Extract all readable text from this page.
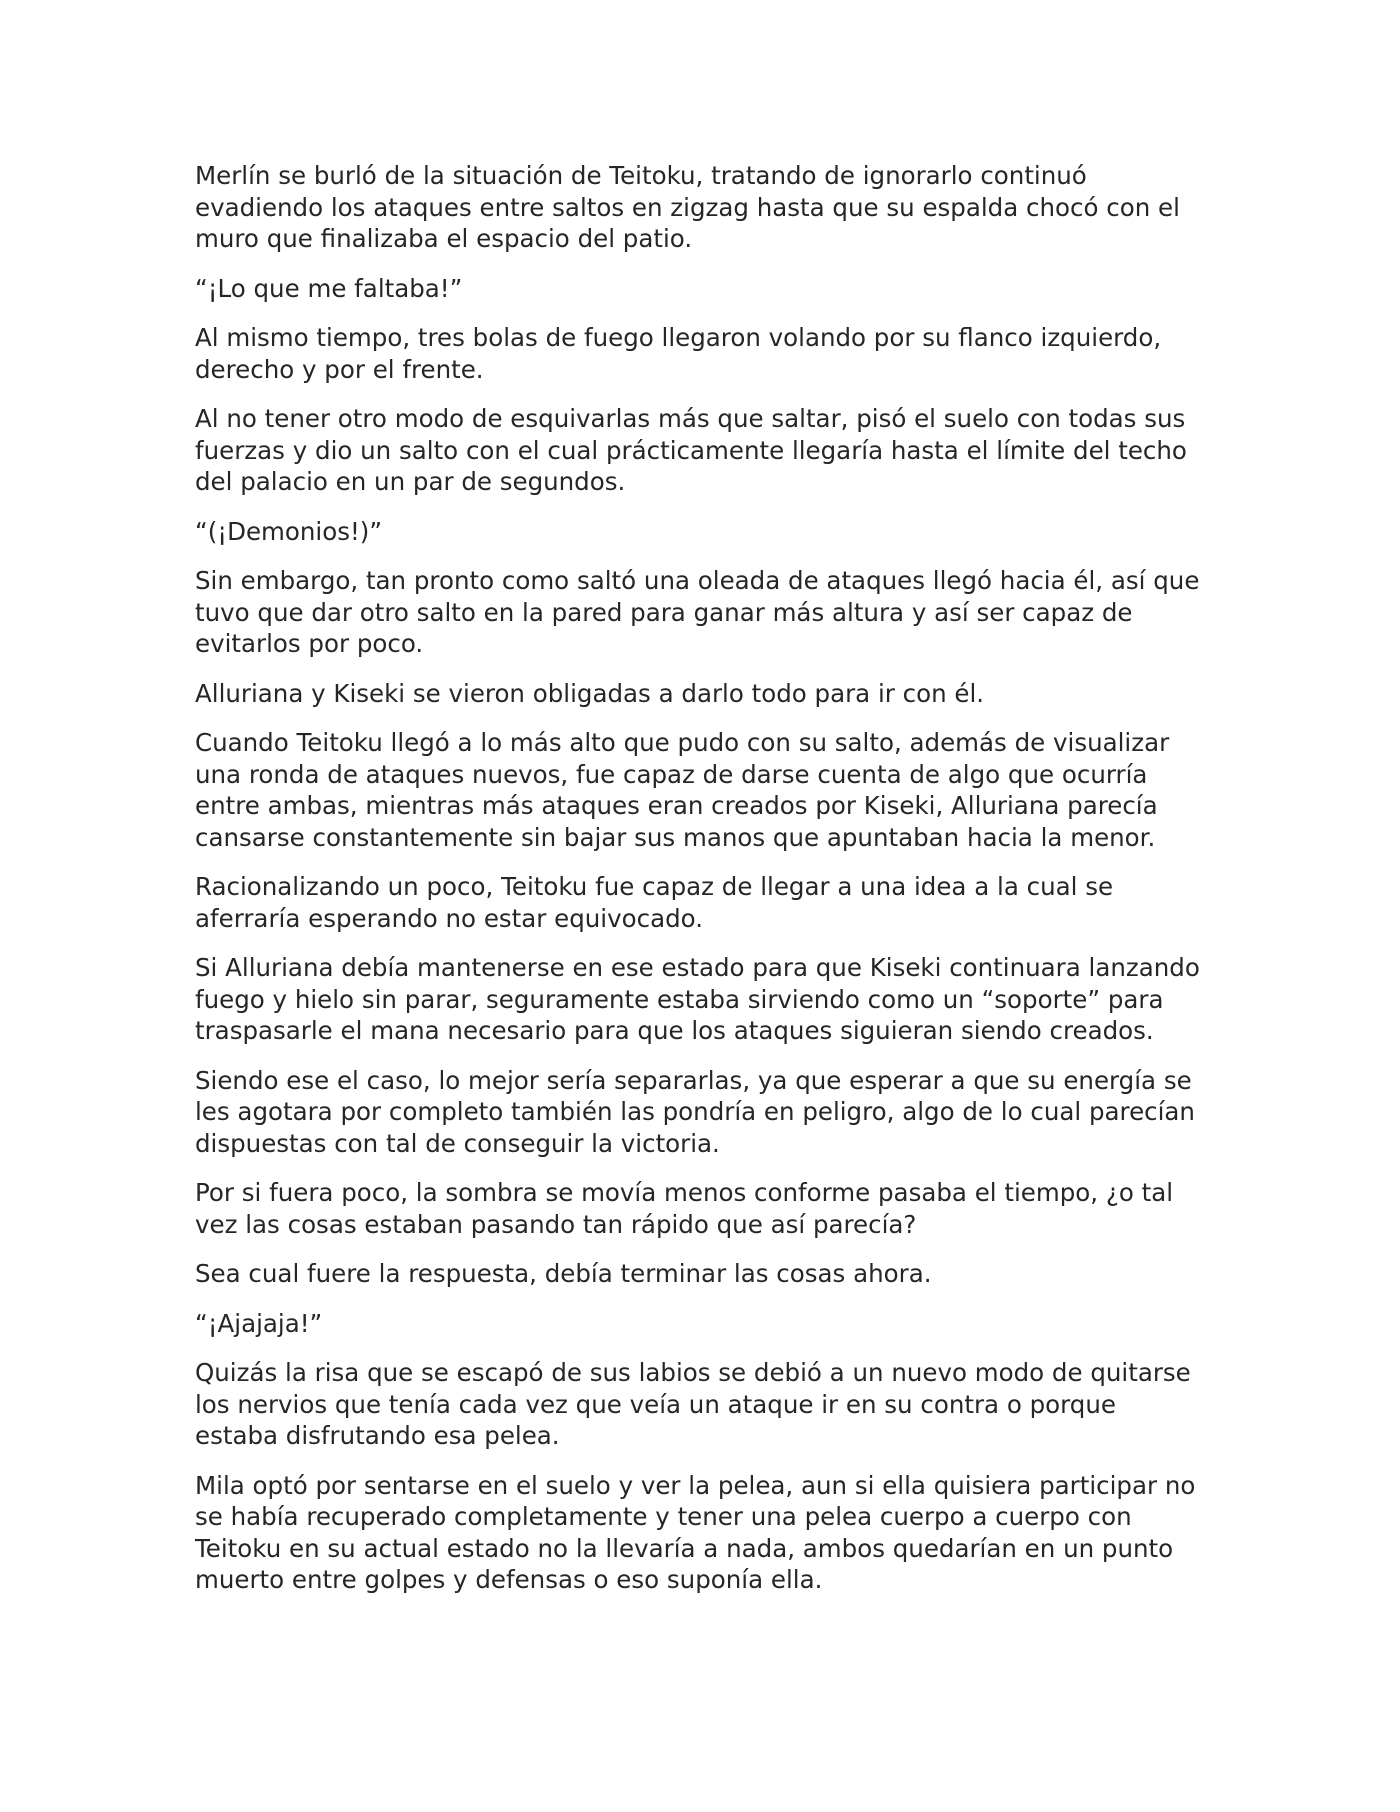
Merlín se burló de la situación de Teitoku, tratando de ignorarlo continuó evadiendo los ataques entre saltos en zigzag hasta que su espalda chocó con el muro que finalizaba el espacio del patio.

“¡Lo que me faltaba!”

Al mismo tiempo, tres bolas de fuego llegaron volando por su flanco izquierdo, derecho y por el frente.

Al no tener otro modo de esquivarlas más que saltar, pisó el suelo con todas sus fuerzas y dio un salto con el cual prácticamente llegaría hasta el límite del techo del palacio en un par de segundos.

“(¡Demonios!)”

Sin embargo, tan pronto como saltó una oleada de ataques llegó hacia él, así que tuvo que dar otro salto en la pared para ganar más altura y así ser capaz de evitarlos por poco.

Alluriana y Kiseki se vieron obligadas a darlo todo para ir con él.

Cuando Teitoku llegó a lo más alto que pudo con su salto, además de visualizar una ronda de ataques nuevos, fue capaz de darse cuenta de algo que ocurría entre ambas, mientras más ataques eran creados por Kiseki, Alluriana parecía cansarse constantemente sin bajar sus manos que apuntaban hacia la menor.

Racionalizando un poco, Teitoku fue capaz de llegar a una idea a la cual se aferraría esperando no estar equivocado.

Si Alluriana debía mantenerse en ese estado para que Kiseki continuara lanzando fuego y hielo sin parar, seguramente estaba sirviendo como un “soporte” para traspasarle el mana necesario para que los ataques siguieran siendo creados.

Siendo ese el caso, lo mejor sería separarlas, ya que esperar a que su energía se les agotara por completo también las pondría en peligro, algo de lo cual parecían dispuestas con tal de conseguir la victoria.

Por si fuera poco, la sombra se movía menos conforme pasaba el tiempo, ¿o tal vez las cosas estaban pasando tan rápido que así parecía?

Sea cual fuere la respuesta, debía terminar las cosas ahora.

“¡Ajajaja!”

Quizás la risa que se escapó de sus labios se debió a un nuevo modo de quitarse los nervios que tenía cada vez que veía un ataque ir en su contra o porque estaba disfrutando esa pelea.

Mila optó por sentarse en el suelo y ver la pelea, aun si ella quisiera participar no se había recuperado completamente y tener una pelea cuerpo a cuerpo con Teitoku en su actual estado no la llevaría a nada, ambos quedarían en un punto muerto entre golpes y defensas o eso suponía ella.
